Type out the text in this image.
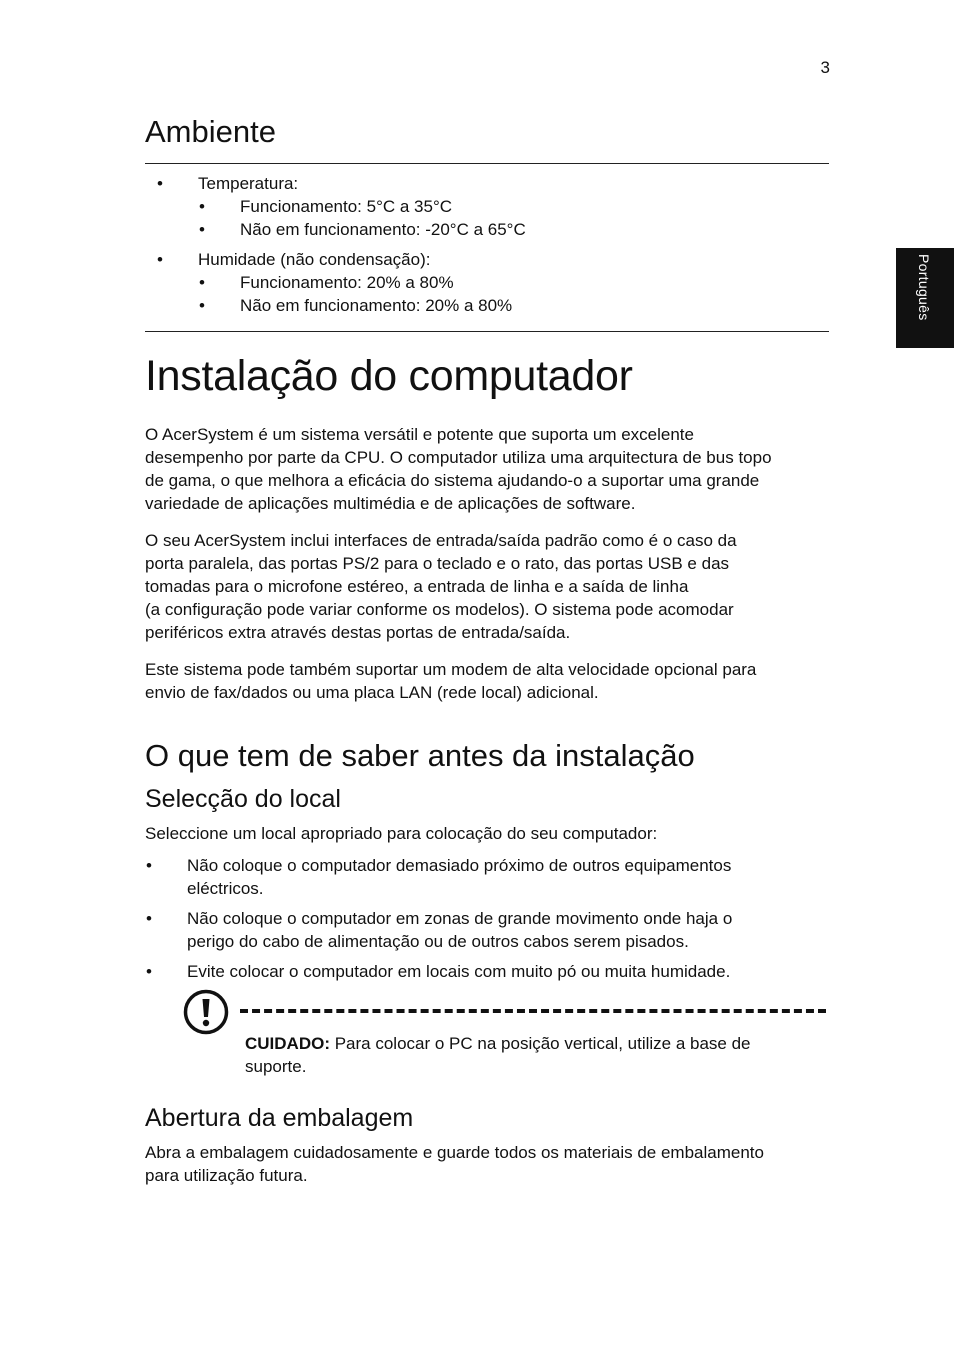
3
Português
Ambiente
• Temperatura:
• Funcionamento: 5°C a 35°C
• Não em funcionamento: -20°C a 65°C
• Humidade (não condensação):
• Funcionamento: 20% a 80%
• Não em funcionamento: 20% a 80%
Instalação do computador

O AcerSystem é um sistema versátil e potente que suporta um excelente
desempenho por parte da CPU. O computador utiliza uma arquitectura de bus topo
de gama, o que melhora a eficácia do sistema ajudando-o a suportar uma grande
variedade de aplicações multimédia e de aplicações de software.

O seu AcerSystem inclui interfaces de entrada/saída padrão como é o caso da
porta paralela, das portas PS/2 para o teclado e o rato, das portas USB e das
tomadas para o microfone estéreo, a entrada de linha e a saída de linha
(a configuração pode variar conforme os modelos). O sistema pode acomodar
periféricos extra através destas portas de entrada/saída.

Este sistema pode também suportar um modem de alta velocidade opcional para
envio de fax/dados ou uma placa LAN (rede local) adicional.

O que tem de saber antes da instalação
Selecção do local

Seleccione um local apropriado para colocação do seu computador:

• Não coloque o computador demasiado próximo de outros equipamentos
eléctricos.

• Não coloque o computador em zonas de grande movimento onde haja o
perigo do cabo de alimentação ou de outros cabos serem pisados.

• Evite colocar o computador em locais com muito pó ou muita humidade.

CUIDADO: Para colocar o PC na posição vertical, utilize a base de
suporte.

Abertura da embalagem

Abra a embalagem cuidadosamente e guarde todos os materiais de embalamento
para utilização futura.
